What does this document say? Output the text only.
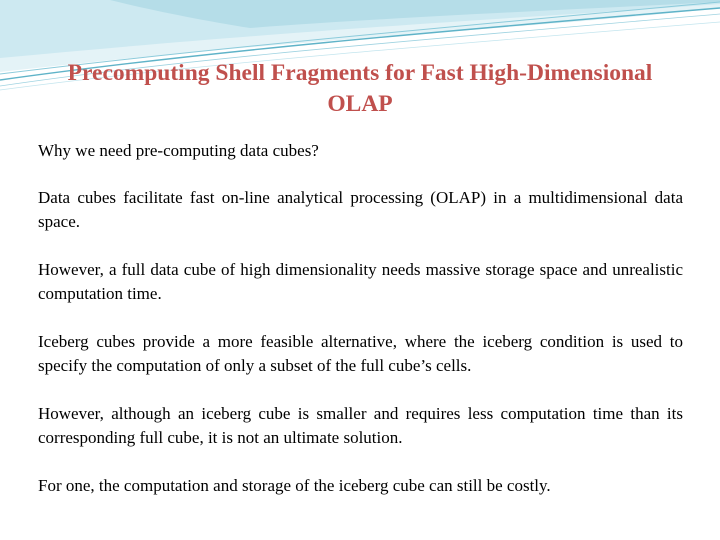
Precomputing Shell Fragments for Fast High-Dimensional OLAP

Why we need pre-computing data cubes?

Data cubes facilitate fast on-line analytical processing (OLAP) in a multidimensional data space.

However, a full data cube of high dimensionality needs massive storage space and unrealistic computation time.

Iceberg cubes provide a more feasible alternative, where the iceberg condition is used to specify the computation of only a subset of the full cube’s cells.

However, although an iceberg cube is smaller and requires less computation time than its corresponding full cube, it is not an ultimate solution.

For one, the computation and storage of the iceberg cube can still be costly.
